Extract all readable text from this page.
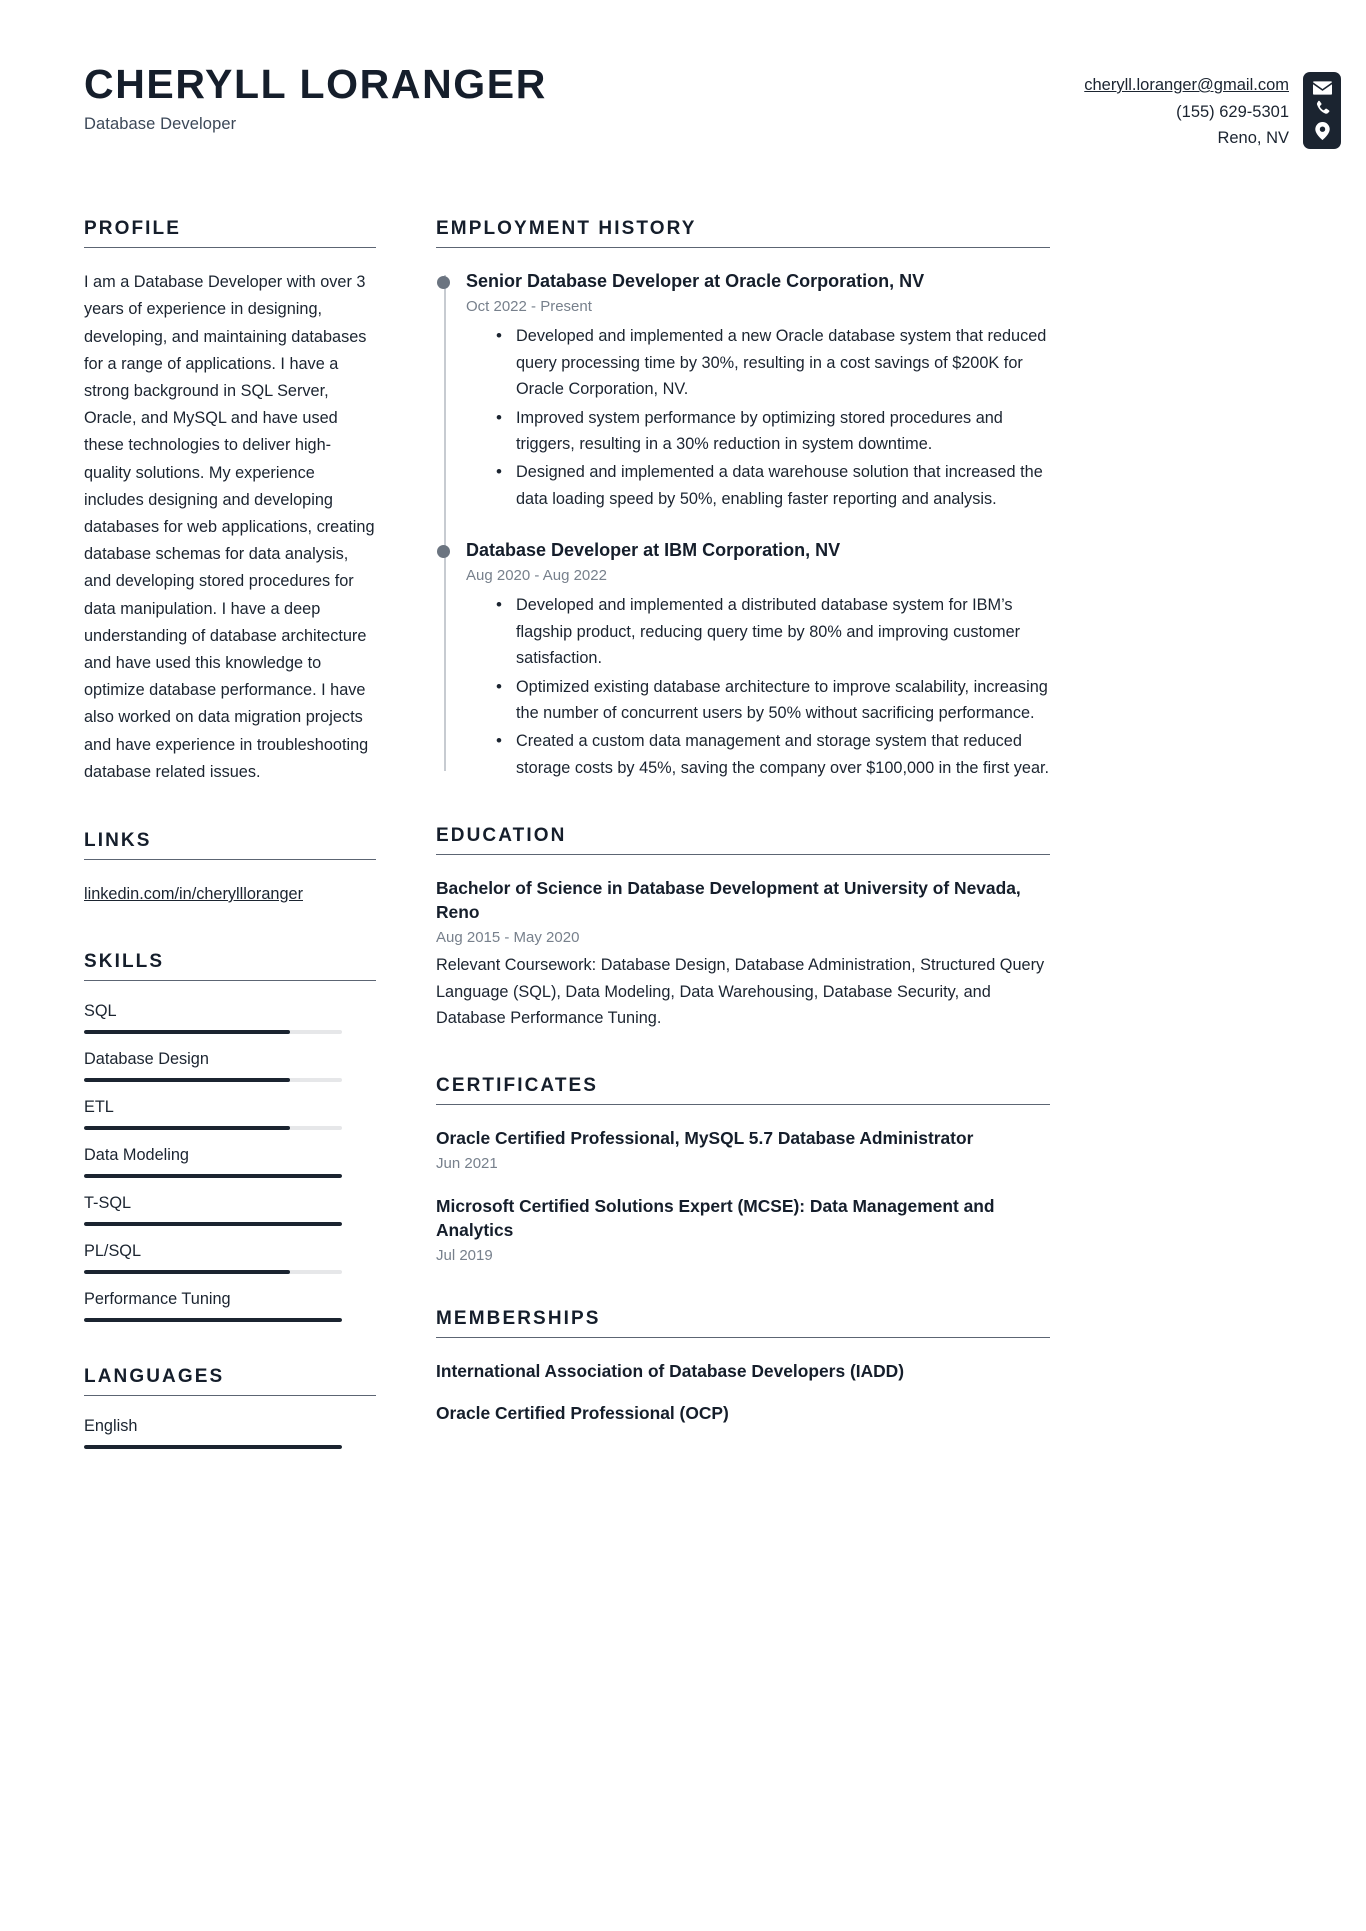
CHERYLL LORANGER
Database Developer
cheryll.loranger@gmail.com
(155) 629-5301
Reno, NV
PROFILE
I am a Database Developer with over 3 years of experience in designing, developing, and maintaining databases for a range of applications. I have a strong background in SQL Server, Oracle, and MySQL and have used these technologies to deliver high-quality solutions. My experience includes designing and developing databases for web applications, creating database schemas for data analysis, and developing stored procedures for data manipulation. I have a deep understanding of database architecture and have used this knowledge to optimize database performance. I have also worked on data migration projects and have experience in troubleshooting database related issues.
LINKS
linkedin.com/in/cheryllloranger
SKILLS
SQL
Database Design
ETL
Data Modeling
T-SQL
PL/SQL
Performance Tuning
LANGUAGES
English
EMPLOYMENT HISTORY
Senior Database Developer at Oracle Corporation, NV
Oct 2022 - Present
• Developed and implemented a new Oracle database system that reduced query processing time by 30%, resulting in a cost savings of $200K for Oracle Corporation, NV.
• Improved system performance by optimizing stored procedures and triggers, resulting in a 30% reduction in system downtime.
• Designed and implemented a data warehouse solution that increased the data loading speed by 50%, enabling faster reporting and analysis.
Database Developer at IBM Corporation, NV
Aug 2020 - Aug 2022
• Developed and implemented a distributed database system for IBM’s flagship product, reducing query time by 80% and improving customer satisfaction.
• Optimized existing database architecture to improve scalability, increasing the number of concurrent users by 50% without sacrificing performance.
• Created a custom data management and storage system that reduced storage costs by 45%, saving the company over $100,000 in the first year.
EDUCATION
Bachelor of Science in Database Development at University of Nevada, Reno
Aug 2015 - May 2020
Relevant Coursework: Database Design, Database Administration, Structured Query Language (SQL), Data Modeling, Data Warehousing, Database Security, and Database Performance Tuning.
CERTIFICATES
Oracle Certified Professional, MySQL 5.7 Database Administrator
Jun 2021
Microsoft Certified Solutions Expert (MCSE): Data Management and Analytics
Jul 2019
MEMBERSHIPS
International Association of Database Developers (IADD)
Oracle Certified Professional (OCP)
